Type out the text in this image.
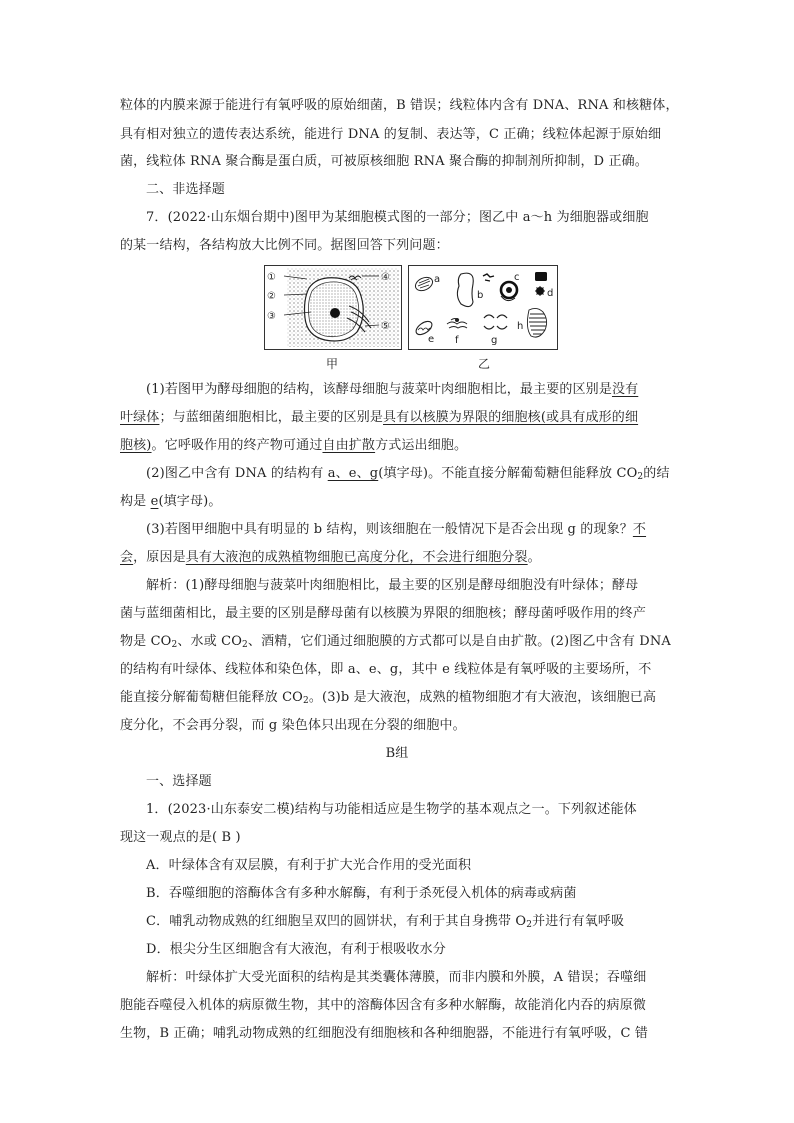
粒体的内膜来源于能进行有氧呼吸的原始细菌，B 错误；线粒体内含有 DNA、RNA 和核糖体，
具有相对独立的遗传表达系统，能进行 DNA 的复制、表达等，C 正确；线粒体起源于原始细
菌，线粒体 RNA 聚合酶是蛋白质，可被原核细胞 RNA 聚合酶的抑制剂所抑制，D 正确。
二、非选择题
7．(2022·山东烟台期中)图甲为某细胞模式图的一部分；图乙中 a～h 为细胞器或细胞
的某一结构，各结构放大比例不同。据图回答下列问题：
①
②
③
④
⑤
甲
a
b
c
d
e f	g
h
乙
(1)若图甲为酵母细胞的结构，该酵母细胞与菠菜叶肉细胞相比，最主要的区别是没有
叶绿体；与蓝细菌细胞相比，最主要的区别是具有以核膜为界限的细胞核(或具有成形的细
胞核)。它呼吸作用的终产物可通过自由扩散方式运出细胞。
(2)图乙中含有 DNA 的结构有 a、e、g(填字母)。不能直接分解葡萄糖但能释放 $CO_2$的结
构是 e(填字母)。
(3)若图甲细胞中具有明显的 b 结构，则该细胞在一般情况下是否会出现 g 的现象？不
会，原因是具有大液泡的成熟植物细胞已高度分化，不会进行细胞分裂。
解析：(1)酵母细胞与菠菜叶肉细胞相比，最主要的区别是酵母细胞没有叶绿体；酵母
菌与蓝细菌相比，最主要的区别是酵母菌有以核膜为界限的细胞核；酵母菌呼吸作用的终产
物是 $CO_2$、水或 $CO_2$、酒精，它们通过细胞膜的方式都可以是自由扩散。(2)图乙中含有 DNA
的结构有叶绿体、线粒体和染色体，即 a、e、g，其中 e 线粒体是有氧呼吸的主要场所，不
能直接分解葡萄糖但能释放 $CO_2$。(3)b 是大液泡，成熟的植物细胞才有大液泡，该细胞已高
度分化，不会再分裂，而 g 染色体只出现在分裂的细胞中。
B组
一、选择题
1．(2023·山东泰安二模)结构与功能相适应是生物学的基本观点之一。下列叙述能体
现这一观点的是( B )
A．叶绿体含有双层膜，有利于扩大光合作用的受光面积
B．吞噬细胞的溶酶体含有多种水解酶，有利于杀死侵入机体的病毒或病菌
C．哺乳动物成熟的红细胞呈双凹的圆饼状，有利于其自身携带 $O_2$并进行有氧呼吸
D．根尖分生区细胞含有大液泡，有利于根吸收水分
解析：叶绿体扩大受光面积的结构是其类囊体薄膜，而非内膜和外膜，A 错误；吞噬细
胞能吞噬侵入机体的病原微生物，其中的溶酶体因含有多种水解酶，故能消化内吞的病原微
生物，B 正确；哺乳动物成熟的红细胞没有细胞核和各种细胞器，不能进行有氧呼吸，C 错
